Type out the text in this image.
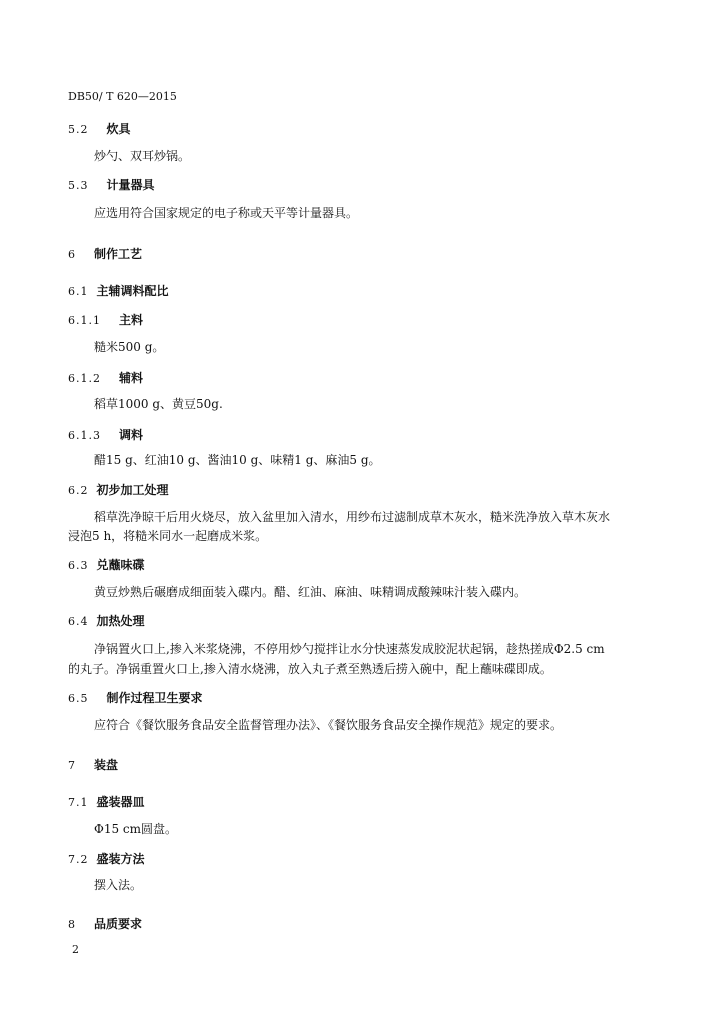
DB50/ T 620—2015
5.2 炊具
炒勺、双耳炒锅。
5.3 计量器具
应选用符合国家规定的电子称或天平等计量器具。
6 制作工艺
6.1 主辅调料配比
6.1.1 主料
糙米500 g。
6.1.2 辅料
稻草1000 g、黄豆50g.
6.1.3 调料
醋15 g、红油10 g、酱油10 g、味精1 g、麻油5 g。
6.2 初步加工处理
稻草洗净晾干后用火烧尽，放入盆里加入清水，用纱布过滤制成草木灰水，糙米洗净放入草木灰水
浸泡5 h，将糙米同水一起磨成米浆。
6.3 兑蘸味碟
黄豆炒熟后碾磨成细面装入碟内。醋、红油、麻油、味精调成酸辣味汁装入碟内。
6.4 加热处理
净锅置火口上,掺入米浆烧沸，不停用炒勺搅拌让水分快速蒸发成胶泥状起锅，趁热搓成Φ2.5 cm
的丸子。净锅重置火口上,掺入清水烧沸，放入丸子煮至熟透后捞入碗中，配上蘸味碟即成。
6.5 制作过程卫生要求
应符合《餐饮服务食品安全监督管理办法》、《餐饮服务食品安全操作规范》规定的要求。
7 装盘
7.1 盛装器皿
Φ15 cm圆盘。
7.2 盛装方法
摆入法。
8 品质要求
2
